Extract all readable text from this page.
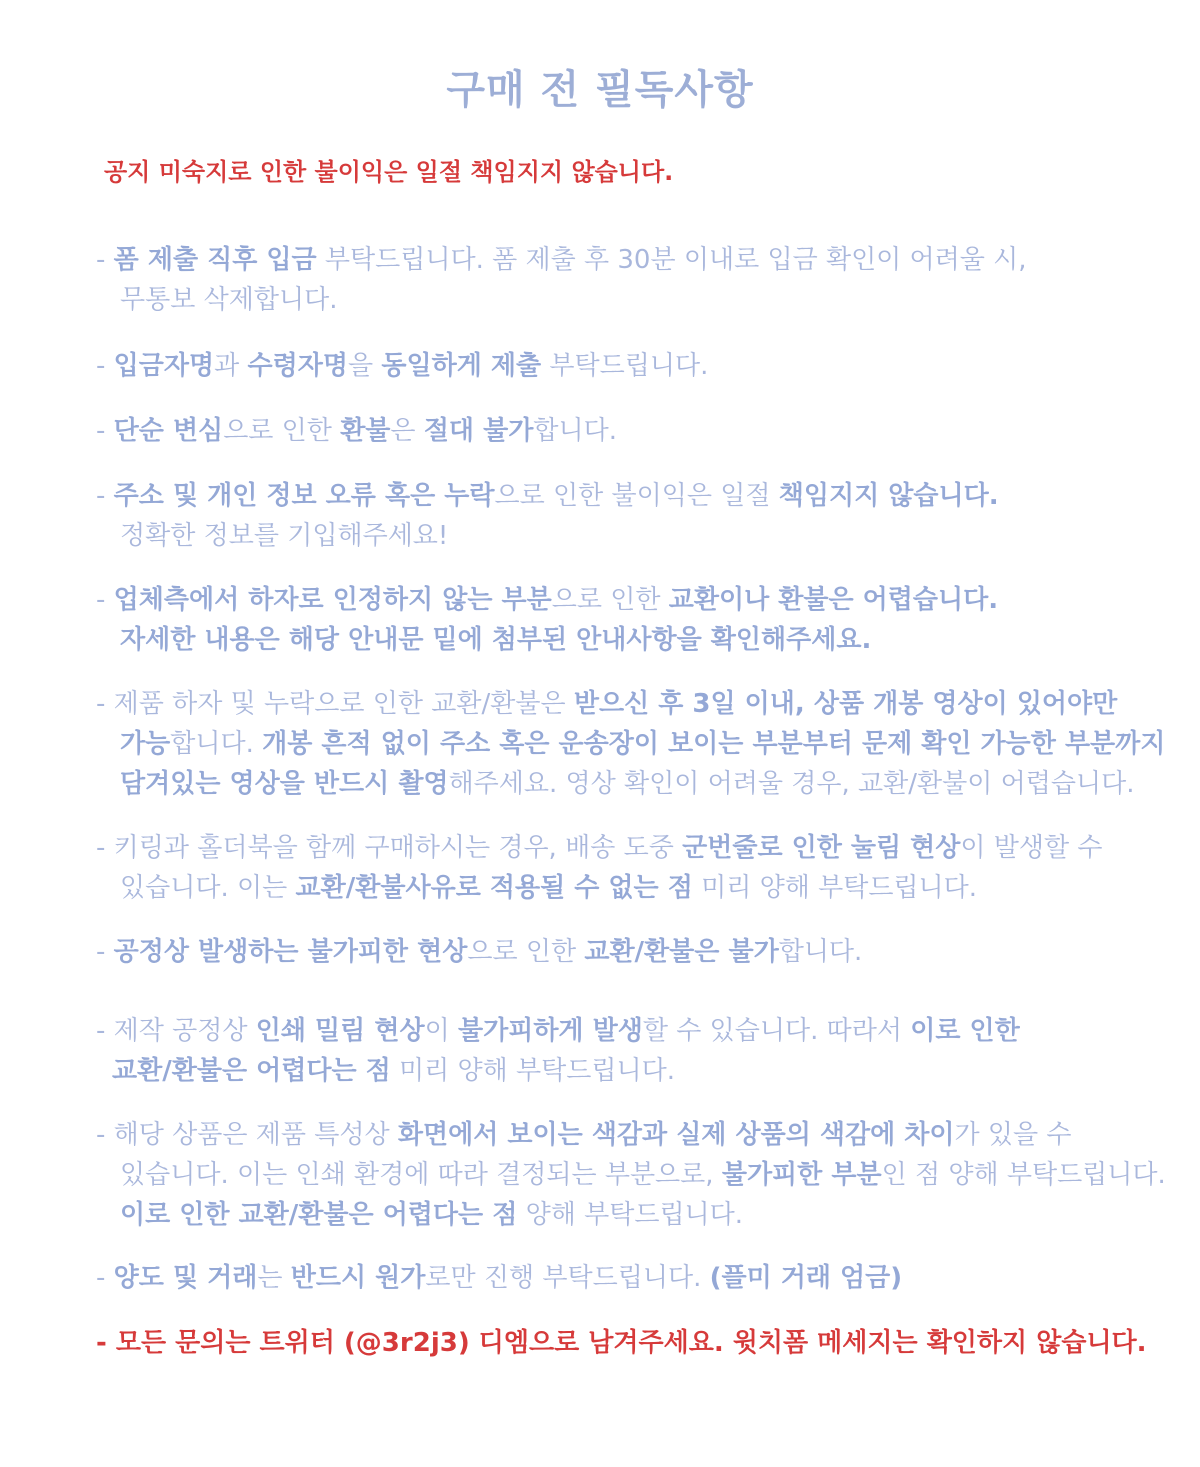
구매 전 필독사항
공지 미숙지로 인한 불이익은 일절 책임지지 않습니다.
- 폼 제출 직후 입금 부탁드립니다. 폼 제출 후 30분 이내로 입금 확인이 어려울 시,
무통보 삭제합니다.
- 입금자명과 수령자명을 동일하게 제출 부탁드립니다.
- 단순 변심으로 인한 환불은 절대 불가합니다.
- 주소 및 개인 정보 오류 혹은 누락으로 인한 불이익은 일절 책임지지 않습니다.
정확한 정보를 기입해주세요!
- 업체측에서 하자로 인정하지 않는 부분으로 인한 교환이나 환불은 어렵습니다.
자세한 내용은 해당 안내문 밑에 첨부된 안내사항을 확인해주세요.
- 제품 하자 및 누락으로 인한 교환/환불은 받으신 후 3일 이내, 상품 개봉 영상이 있어야만
가능합니다. 개봉 흔적 없이 주소 혹은 운송장이 보이는 부분부터 문제 확인 가능한 부분까지
담겨있는 영상을 반드시 촬영해주세요. 영상 확인이 어려울 경우, 교환/환불이 어렵습니다.
- 키링과 홀더북을 함께 구매하시는 경우, 배송 도중 군번줄로 인한 눌림 현상이 발생할 수
있습니다. 이는 교환/환불사유로 적용될 수 없는 점 미리 양해 부탁드립니다.
- 공정상 발생하는 불가피한 현상으로 인한 교환/환불은 불가합니다.
- 제작 공정상 인쇄 밀림 현상이 불가피하게 발생할 수 있습니다. 따라서 이로 인한
교환/환불은 어렵다는 점 미리 양해 부탁드립니다.
- 해당 상품은 제품 특성상 화면에서 보이는 색감과 실제 상품의 색감에 차이가 있을 수
있습니다. 이는 인쇄 환경에 따라 결정되는 부분으로, 불가피한 부분인 점 양해 부탁드립니다.
이로 인한 교환/환불은 어렵다는 점 양해 부탁드립니다.
- 양도 및 거래는 반드시 원가로만 진행 부탁드립니다. (플미 거래 엄금)
- 모든 문의는 트위터 (@3r2j3) 디엠으로 남겨주세요. 윗치폼 메세지는 확인하지 않습니다.
